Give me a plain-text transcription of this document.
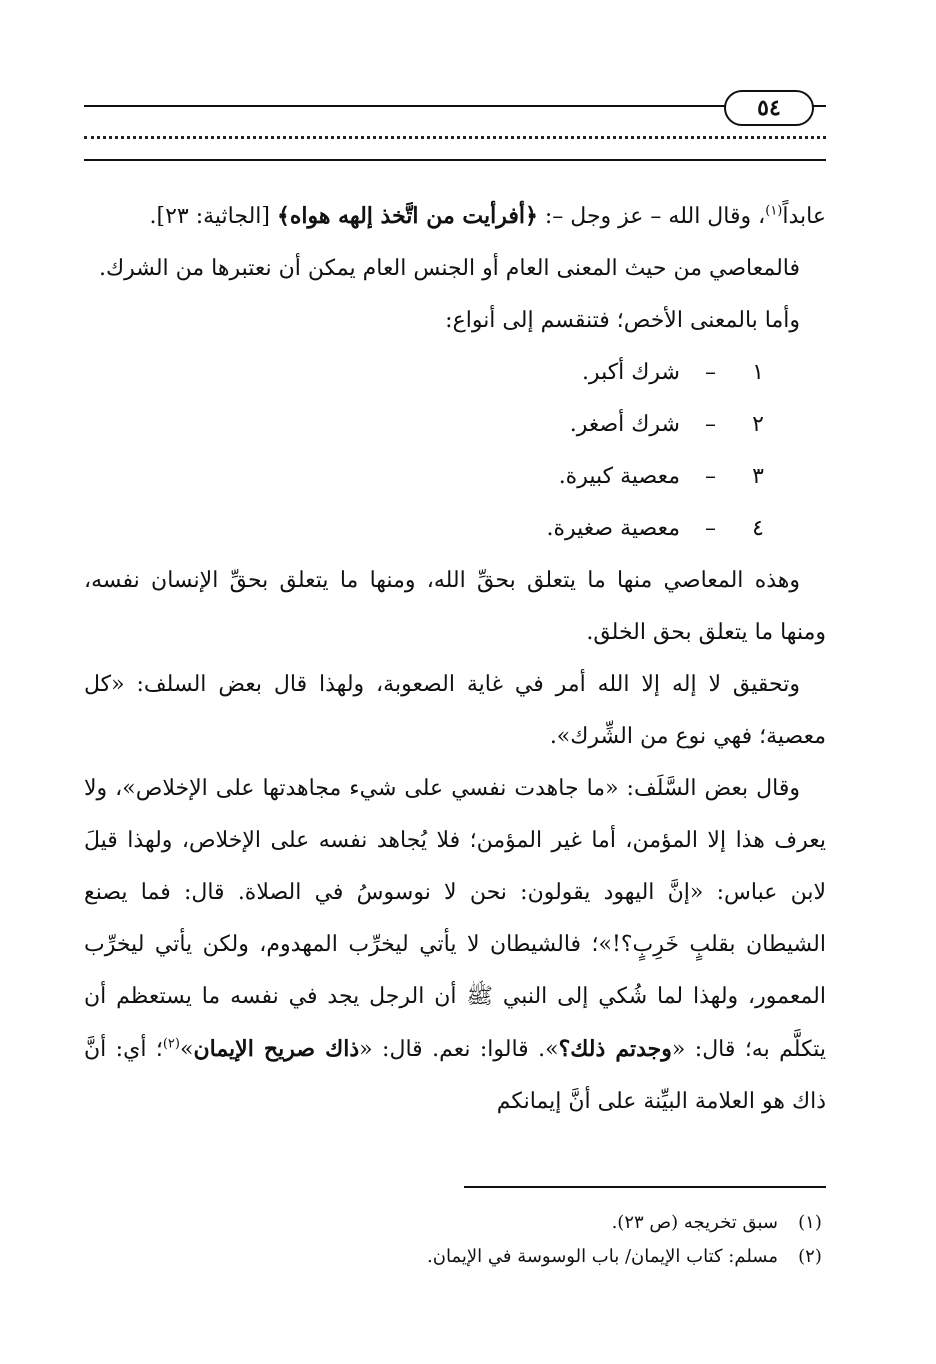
٥٤

عابداً$^{(١)}$، وقال الله – عز وجل –: ﴿أفرأيت من اتَّخذ إلهه هواه﴾ [الجاثية: ٢٣].

فالمعاصي من حيث المعنى العام أو الجنس العام يمكن أن نعتبرها من الشرك.

وأما بالمعنى الأخص؛ فتنقسم إلى أنواع:

١
–
شرك أكبر.
٢
–
شرك أصغر.
٣
–
معصية كبيرة.
٤
–
معصية صغيرة.

وهذه المعاصي منها ما يتعلق بحقِّ الله، ومنها ما يتعلق بحقِّ الإنسان نفسه، ومنها ما يتعلق بحق الخلق.

وتحقيق لا إله إلا الله أمر في غاية الصعوبة، ولهذا قال بعض السلف: «كل معصية؛ فهي نوع من الشِّرك».

وقال بعض السَّلَف: «ما جاهدت نفسي على شيء مجاهدتها على الإخلاص»، ولا يعرف هذا إلا المؤمن، أما غير المؤمن؛ فلا يُجاهد نفسه على الإخلاص، ولهذا قيلَ لابن عباس: «إنَّ اليهود يقولون: نحن لا نوسوسُ في الصلاة. قال: فما يصنع الشيطان بقلبٍ خَرِبٍ؟!»؛ فالشيطان لا يأتي ليخرِّب المهدوم، ولكن يأتي ليخرِّب المعمور، ولهذا لما شُكي إلى النبي ﷺ أن الرجل يجد في نفسه ما يستعظم أن يتكلَّم به؛ قال: «وجدتم ذلك؟». قالوا: نعم. قال: «ذاك صريح الإيمان»$^{(٢)}$؛ أي: أنَّ ذاك هو العلامة البيِّنة على أنَّ إيمانكم

(١)
سبق تخريجه (ص ٢٣).
(٢)
مسلم: كتاب الإيمان/ باب الوسوسة في الإيمان.
